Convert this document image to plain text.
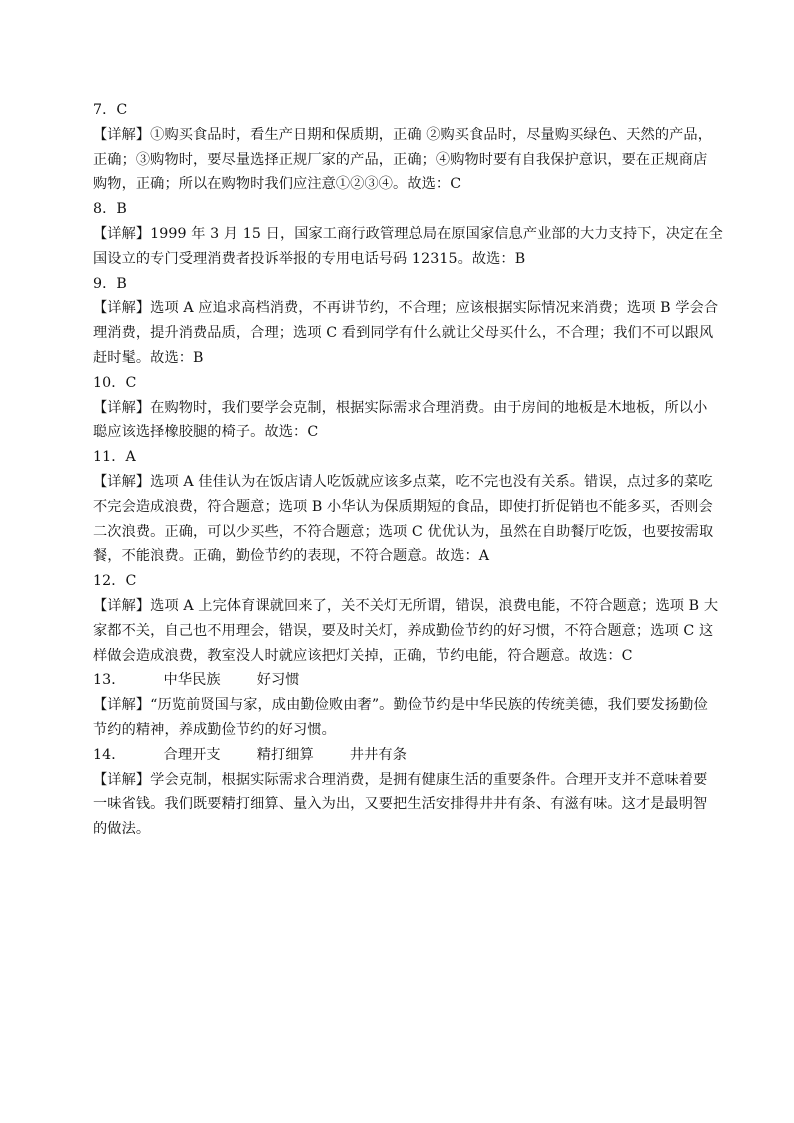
7．C
【详解】①购买食品时，看生产日期和保质期，正确 ②购买食品时，尽量购买绿色、天然的产品，
正确；③购物时，要尽量选择正规厂家的产品，正确；④购物时要有自我保护意识，要在正规商店
购物，正确；所以在购物时我们应注意①②③④。故选：C
8．B
【详解】1999 年 3 月 15 日，国家工商行政管理总局在原国家信息产业部的大力支持下，决定在全
国设立的专门受理消费者投诉举报的专用电话号码 12315。故选：B
9．B
【详解】选项 A 应追求高档消费，不再讲节约，不合理；应该根据实际情况来消费；选项 B 学会合
理消费，提升消费品质，合理；选项 C 看到同学有什么就让父母买什么，不合理；我们不可以跟风
赶时髦。故选：B
10．C
【详解】在购物时，我们要学会克制，根据实际需求合理消费。由于房间的地板是木地板，所以小
聪应该选择橡胶腿的椅子。故选：C
11．A
【详解】选项 A 佳佳认为在饭店请人吃饭就应该多点菜，吃不完也没有关系。错误，点过多的菜吃
不完会造成浪费，符合题意；选项 B 小华认为保质期短的食品，即使打折促销也不能多买，否则会
二次浪费。正确，可以少买些，不符合题意；选项 C 优优认为，虽然在自助餐厅吃饭，也要按需取
餐，不能浪费。正确，勤俭节约的表现，不符合题意。故选：A
12．C
【详解】选项 A 上完体育课就回来了，关不关灯无所谓，错误，浪费电能，不符合题意；选项 B 大
家都不关，自己也不用理会，错误，要及时关灯，养成勤俭节约的好习惯，不符合题意；选项 C 这
样做会造成浪费，教室没人时就应该把灯关掉，正确，节约电能，符合题意。故选：C
13．	中华民族	好习惯
【详解】“历览前贤国与家，成由勤俭败由奢”。勤俭节约是中华民族的传统美德，我们要发扬勤俭
节约的精神，养成勤俭节约的好习惯。
14．	合理开支	精打细算	井井有条
【详解】学会克制，根据实际需求合理消费，是拥有健康生活的重要条件。合理开支并不意味着要
一味省钱。我们既要精打细算、量入为出，又要把生活安排得井井有条、有滋有味。这才是最明智
的做法。
